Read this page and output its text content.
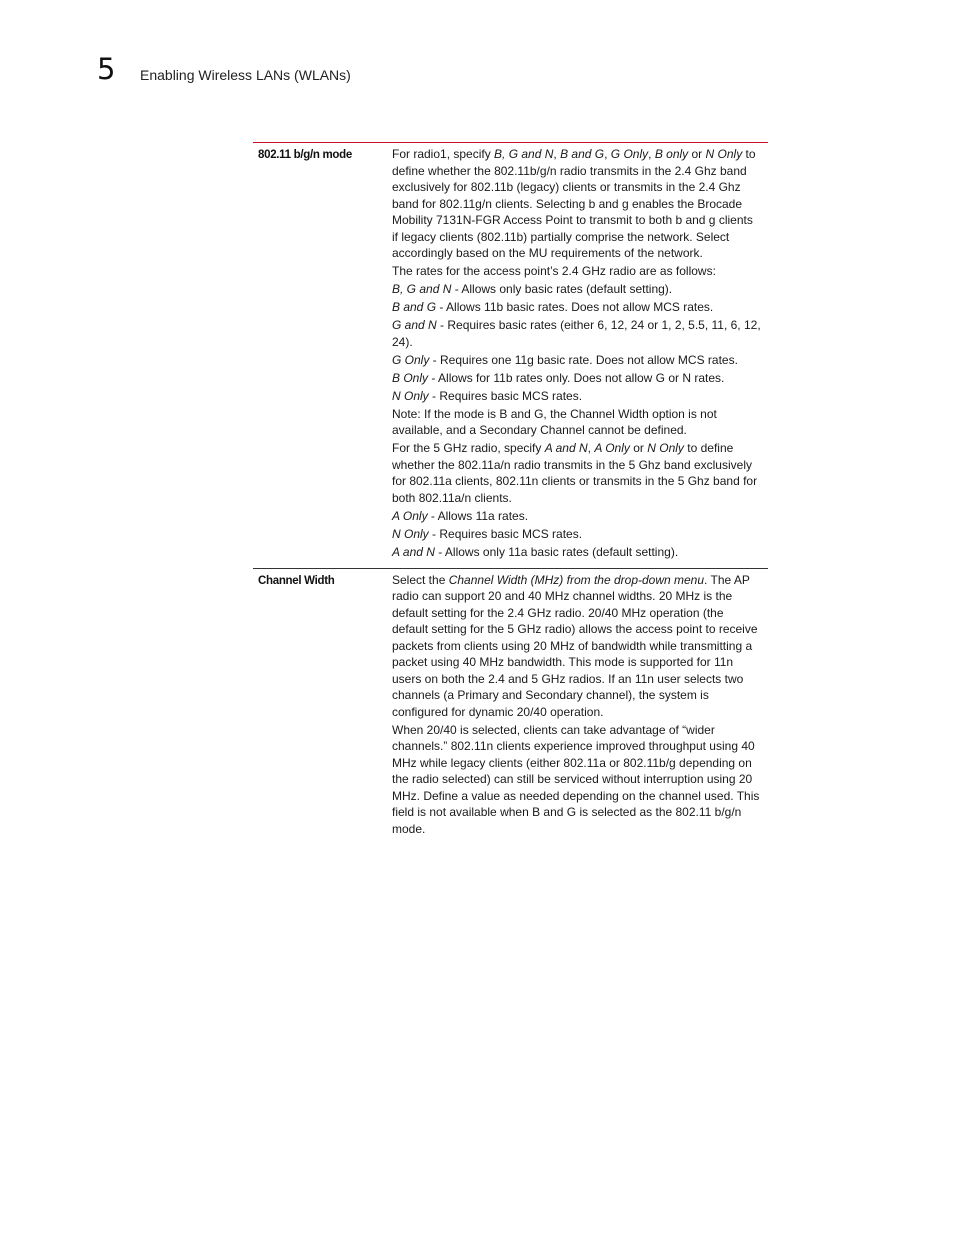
5 Enabling Wireless LANs (WLANs)
802.11 b/g/n mode	For radio1, specify B, G and N, B and G, G Only, B only or N Only to define whether the 802.11b/g/n radio transmits in the 2.4 Ghz band exclusively for 802.11b (legacy) clients or transmits in the 2.4 Ghz band for 802.11g/n clients. Selecting b and g enables the Brocade Mobility 7131N-FGR Access Point to transmit to both b and g clients if legacy clients (802.11b) partially comprise the network. Select accordingly based on the MU requirements of the network.

The rates for the access point’s 2.4 GHz radio are as follows:

B, G and N - Allows only basic rates (default setting).

B and G - Allows 11b basic rates. Does not allow MCS rates.

G and N - Requires basic rates (either 6, 12, 24 or 1, 2, 5.5, 11, 6, 12, 24).

G Only - Requires one 11g basic rate. Does not allow MCS rates.

B Only - Allows for 11b rates only. Does not allow G or N rates.

N Only - Requires basic MCS rates.

Note: If the mode is B and G, the Channel Width option is not available, and a Secondary Channel cannot be defined.

For the 5 GHz radio, specify A and N, A Only or N Only to define whether the 802.11a/n radio transmits in the 5 Ghz band exclusively for 802.11a clients, 802.11n clients or transmits in the 5 Ghz band for both 802.11a/n clients.

A Only - Allows 11a rates.

N Only - Requires basic MCS rates.

A and N - Allows only 11a basic rates (default setting).

Channel Width	Select the Channel Width (MHz) from the drop-down menu. The AP radio can support 20 and 40 MHz channel widths. 20 MHz is the default setting for the 2.4 GHz radio. 20/40 MHz operation (the default setting for the 5 GHz radio) allows the access point to receive packets from clients using 20 MHz of bandwidth while transmitting a packet using 40 MHz bandwidth. This mode is supported for 11n users on both the 2.4 and 5 GHz radios. If an 11n user selects two channels (a Primary and Secondary channel), the system is configured for dynamic 20/40 operation.

When 20/40 is selected, clients can take advantage of “wider channels.” 802.11n clients experience improved throughput using 40 MHz while legacy clients (either 802.11a or 802.11b/g depending on the radio selected) can still be serviced without interruption using 20 MHz. Define a value as needed depending on the channel used. This field is not available when B and G is selected as the 802.11 b/g/n mode.
